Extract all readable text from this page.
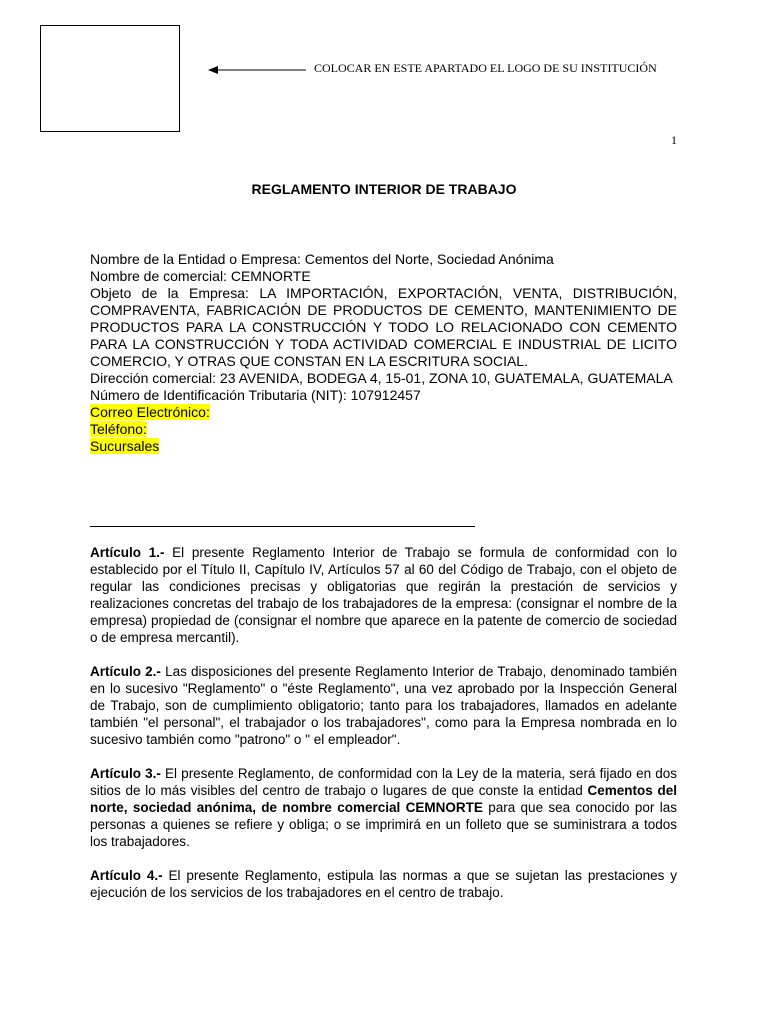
COLOCAR EN ESTE APARTADO EL LOGO DE SU INSTITUCIÓN
1
REGLAMENTO INTERIOR DE TRABAJO
Nombre de la Entidad o Empresa: Cementos del Norte, Sociedad Anónima
Nombre de comercial: CEMNORTE
Objeto de la Empresa: LA IMPORTACIÓN, EXPORTACIÓN, VENTA, DISTRIBUCIÓN, COMPRAVENTA, FABRICACIÓN DE PRODUCTOS DE CEMENTO, MANTENIMIENTO DE PRODUCTOS PARA LA CONSTRUCCIÓN Y TODO LO RELACIONADO CON CEMENTO PARA LA CONSTRUCCIÓN Y TODA ACTIVIDAD COMERCIAL E INDUSTRIAL DE LICITO COMERCIO, Y OTRAS QUE CONSTAN EN LA ESCRITURA SOCIAL.
Dirección comercial: 23 AVENIDA, BODEGA 4, 15-01, ZONA 10, GUATEMALA, GUATEMALA
Número de Identificación Tributaria (NIT): 107912457
Correo Electrónico:
Teléfono:
Sucursales

Artículo 1.- El presente Reglamento Interior de Trabajo se formula de conformidad con lo establecido por el Título II, Capítulo IV, Artículos 57 al 60 del Código de Trabajo, con el objeto de regular las condiciones precisas y obligatorias que regirán la prestación de servicios y realizaciones concretas del trabajo de los trabajadores de la empresa: (consignar el nombre de la empresa) propiedad de (consignar el nombre que aparece en la patente de comercio de sociedad o de empresa mercantil).

Artículo 2.- Las disposiciones del presente Reglamento Interior de Trabajo, denominado también en lo sucesivo "Reglamento" o "éste Reglamento", una vez aprobado por la Inspección General de Trabajo, son de cumplimiento obligatorio; tanto para los trabajadores, llamados en adelante también "el personal", el trabajador o los trabajadores", como para la Empresa nombrada en lo sucesivo también como "patrono" o " el empleador".

Artículo 3.- El presente Reglamento, de conformidad con la Ley de la materia, será fijado en dos sitios de lo más visibles del centro de trabajo o lugares de que conste la entidad Cementos del norte, sociedad anónima, de nombre comercial CEMNORTE para que sea conocido por las personas a quienes se refiere y obliga; o se imprimirá en un folleto que se suministrara a todos los trabajadores.

Artículo 4.- El presente Reglamento, estipula las normas a que se sujetan las prestaciones y ejecución de los servicios de los trabajadores en el centro de trabajo.
